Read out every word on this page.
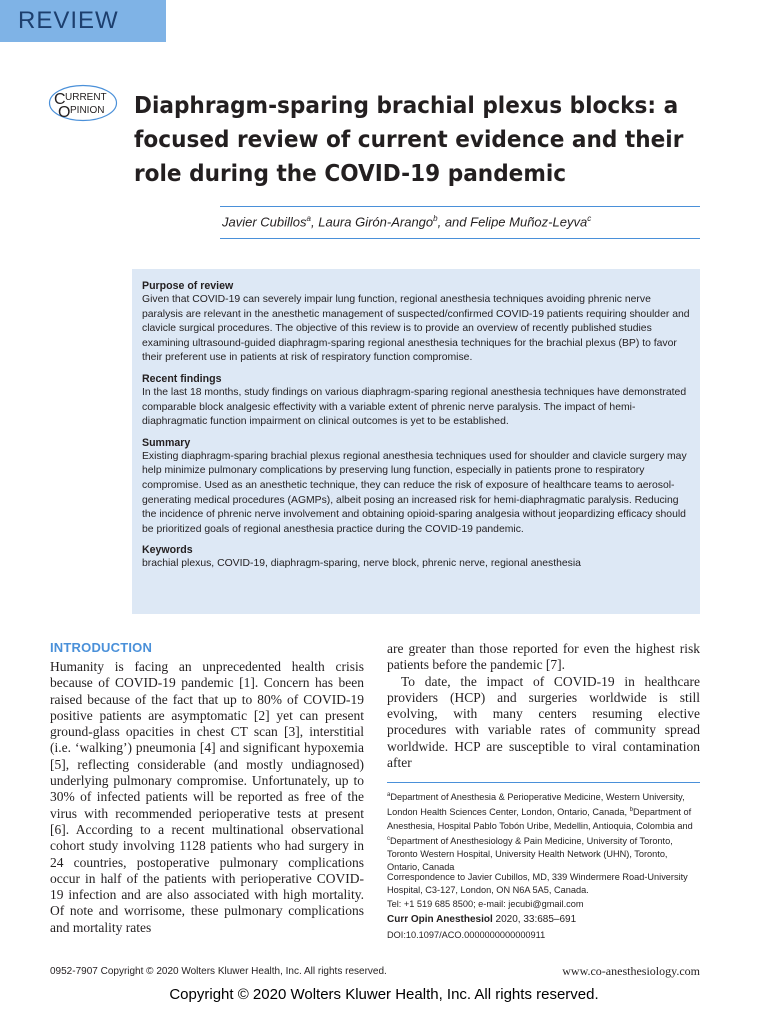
REVIEW
C URRENT
O PINION Diaphragm-sparing brachial plexus blocks: a focused review of current evidence and their role during the COVID-19 pandemic
Javier Cubillos$^a$, Laura Girón-Arango$^b$, and Felipe Muñoz-Leyva$^c$
Purpose of review

Given that COVID-19 can severely impair lung function, regional anesthesia techniques avoiding phrenic nerve paralysis are relevant in the anesthetic management of suspected/confirmed COVID-19 patients requiring shoulder and clavicle surgical procedures. The objective of this review is to provide an overview of recently published studies examining ultrasound-guided diaphragm-sparing regional anesthesia techniques for the brachial plexus (BP) to favor their preferent use in patients at risk of respiratory function compromise.

Recent findings

In the last 18 months, study findings on various diaphragm-sparing regional anesthesia techniques have demonstrated comparable block analgesic effectivity with a variable extent of phrenic nerve paralysis. The impact of hemi-diaphragmatic function impairment on clinical outcomes is yet to be established.

Summary

Existing diaphragm-sparing brachial plexus regional anesthesia techniques used for shoulder and clavicle surgery may help minimize pulmonary complications by preserving lung function, especially in patients prone to respiratory compromise. Used as an anesthetic technique, they can reduce the risk of exposure of healthcare teams to aerosol-generating medical procedures (AGMPs), albeit posing an increased risk for hemi-diaphragmatic paralysis. Reducing the incidence of phrenic nerve involvement and obtaining opioid-sparing analgesia without jeopardizing efficacy should be prioritized goals of regional anesthesia practice during the COVID-19 pandemic.

Keywords

brachial plexus, COVID-19, diaphragm-sparing, nerve block, phrenic nerve, regional anesthesia

INTRODUCTION

Humanity is facing an unprecedented health crisis because of COVID-19 pandemic [1]. Concern has been raised because of the fact that up to 80% of COVID-19 positive patients are asymptomatic [2] yet can present ground-glass opacities in chest CT scan [3], interstitial (i.e. ‘walking’) pneumonia [4] and significant hypoxemia [5], reflecting considerable (and mostly undiagnosed) underlying pulmonary compromise. Unfortunately, up to 30% of infected patients will be reported as free of the virus with recommended perioperative tests at present [6]. According to a recent multinational observational cohort study involving 1128 patients who had surgery in 24 countries, postoperative pulmonary complications occur in half of the patients with perioperative COVID-19 infection and are also associated with high mortality. Of note and worrisome, these pulmonary complications and mortality rates

are greater than those reported for even the highest risk patients before the pandemic [7].

To date, the impact of COVID-19 in healthcare providers (HCP) and surgeries worldwide is still evolving, with many centers resuming elective procedures with variable rates of community spread worldwide. HCP are susceptible to viral contamination after

$^a$Department of Anesthesia & Perioperative Medicine, Western University, London Health Sciences Center, London, Ontario, Canada, $^b$Department of Anesthesia, Hospital Pablo Tobón Uribe, Medellin, Antioquia, Colombia and $^c$Department of Anesthesiology & Pain Medicine, University of Toronto, Toronto Western Hospital, University Health Network (UHN), Toronto, Ontario, Canada

Correspondence to Javier Cubillos, MD, 339 Windermere Road-University Hospital, C3-127, London, ON N6A 5A5, Canada.

Tel: +1 519 685 8500; e-mail: jecubi@gmail.com

Curr Opin Anesthesiol 2020, 33:685–691

DOI:10.1097/ACO.0000000000000911

0952-7907 Copyright © 2020 Wolters Kluwer Health, Inc. All rights reserved.	www.co-anesthesiology.com
Copyright © 2020 Wolters Kluwer Health, Inc. All rights reserved.
